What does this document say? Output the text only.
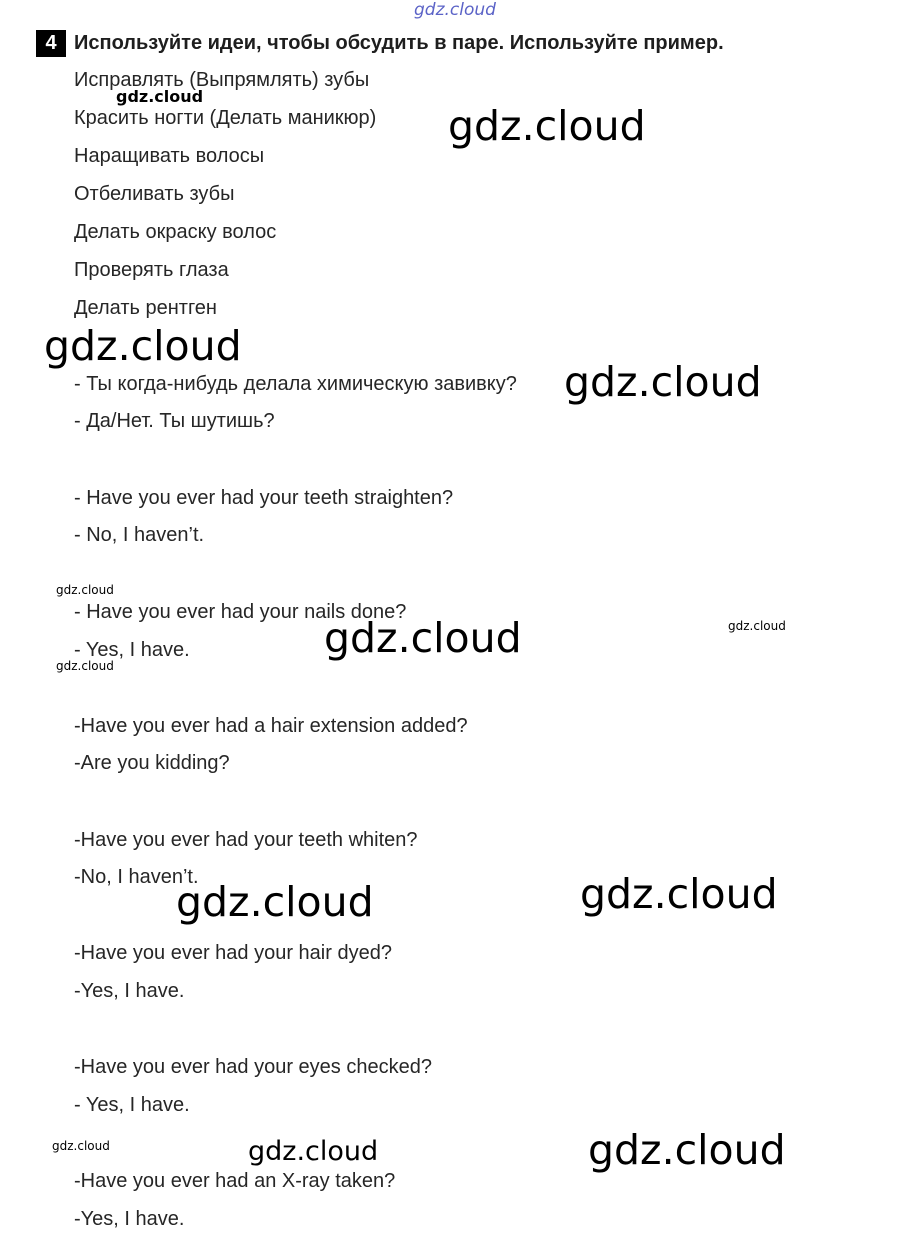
gdz.cloud
4 Используйте идеи, чтобы обсудить в паре. Используйте пример.
Исправлять (Выпрямлять) зубы
Красить ногти (Делать маникюр)
Наращивать волосы
Отбеливать зубы
Делать окраску волос
Проверять глаза
Делать рентген
- Ты когда-нибудь делала химическую завивку?
- Да/Нет. Ты шутишь?
- Have you ever had your teeth straighten?
- No, I haven’t.
- Have you ever had your nails done?
- Yes, I have.
-Have you ever had a hair extension added?
-Are you kidding?
-Have you ever had your teeth whiten?
-No, I haven’t.
-Have you ever had your hair dyed?
-Yes, I have.
-Have you ever had your eyes checked?
- Yes, I have.
-Have you ever had an X-ray taken?
-Yes, I have.
gdz.cloud
gdz.cloud
gdz.cloud
gdz.cloud
gdz.cloud
gdz.cloud
gdz.cloud
gdz.cloud
gdz.cloud	gdz.cloud
gdz.cloud	gdz.cloud	gdz.cloud
